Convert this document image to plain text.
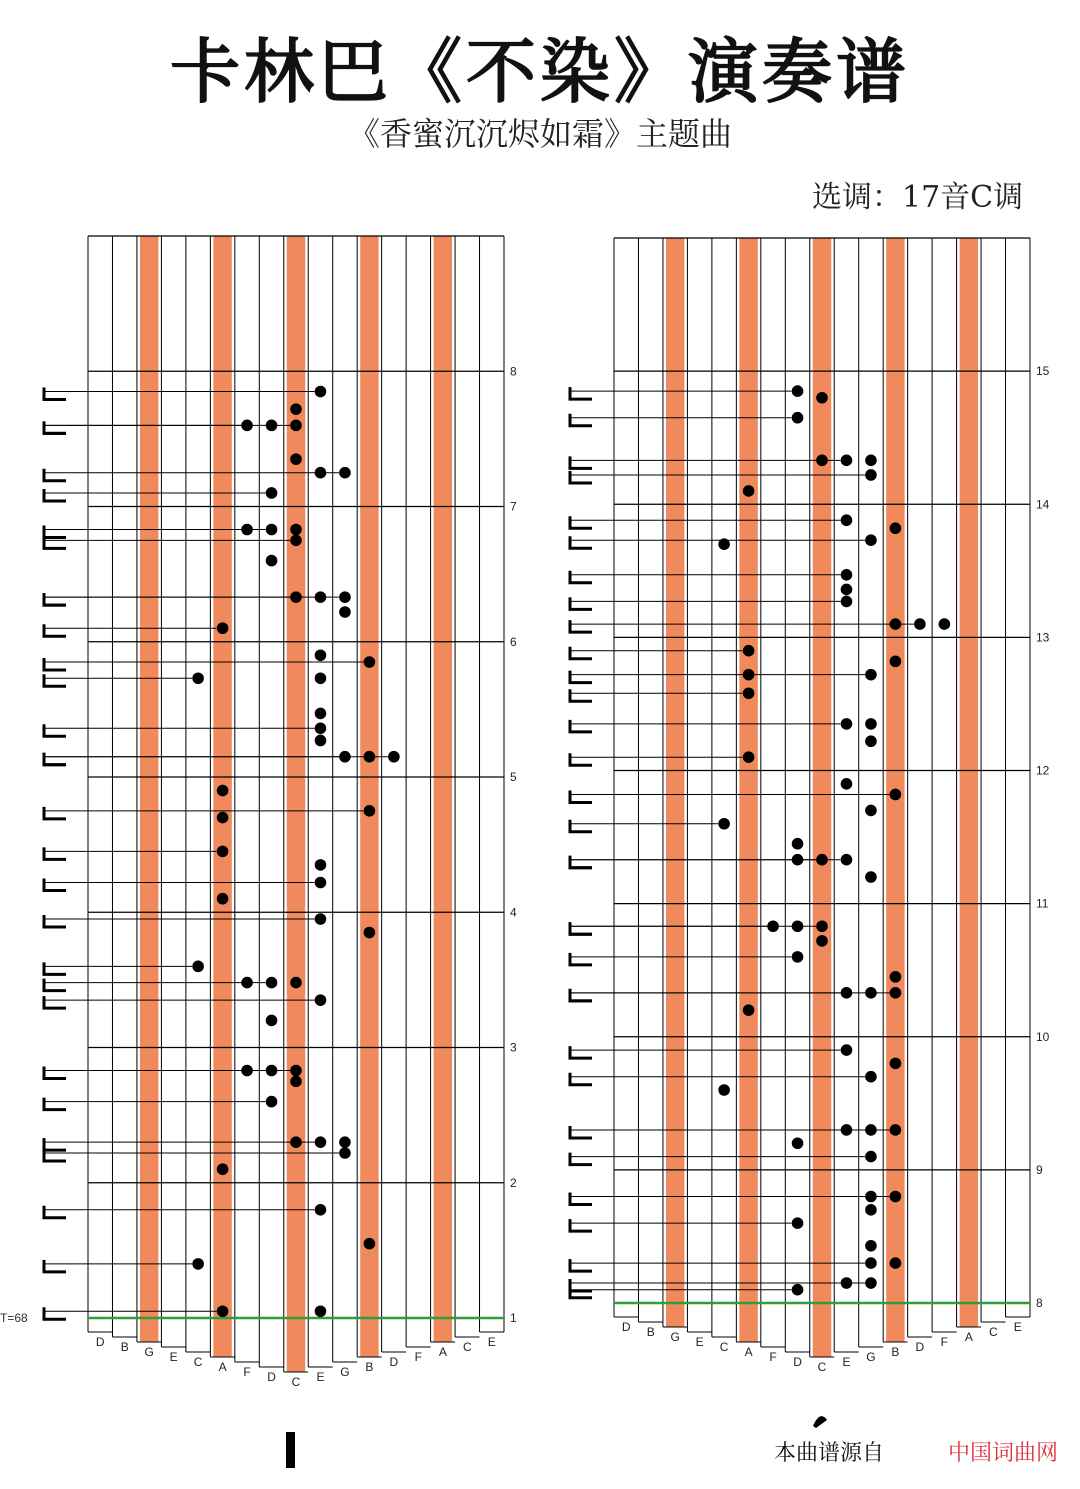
卡林巴《不染》演奏谱
《香蜜沉沉烬如霜》主题曲
选调：17音C调
T=68
D B G E C A F D C E G B D F A C E
1
2
3
4
5
6
7
8
D B G E C A F D C E G B D F A C E
8
9
10
11
12
13
14
15
本曲谱源自	中国词曲网
